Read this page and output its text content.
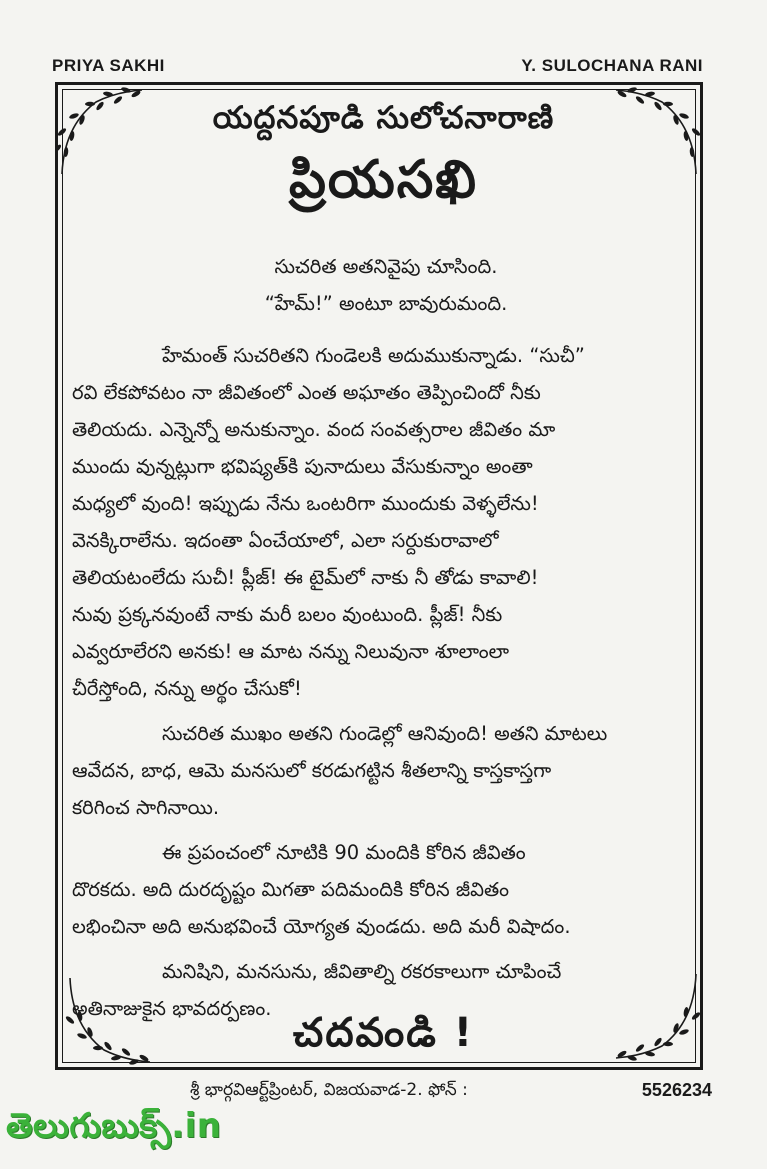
PRIYA SAKHI	Y. SULOCHANA RANI
యద్దనపూడి సులోచనారాణి
ప్రియసఖి
సుచరిత అతనివైపు చూసింది.
“హేమ్!” అంటూ బావురుమంది.
హేమంత్ సుచరితని గుండెలకి అదుముకున్నాడు. “సుచీ”
రవి లేకపోవటం నా జీవితంలో ఎంత అఘాతం తెప్పించిందో నీకు
తెలియదు. ఎన్నెన్నో అనుకున్నాం. వంద సంవత్సరాల జీవితం మా
ముందు వున్నట్లుగా భవిష్యత్‌కి పునాదులు వేసుకున్నాం అంతా
మధ్యలో వుంది! ఇప్పుడు నేను ఒంటరిగా ముందుకు వెళ్ళలేను!
వెనక్కిరాలేను. ఇదంతా ఏంచేయాలో, ఎలా సర్దుకురావాలో
తెలియటంలేదు సుచీ! ప్లీజ్! ఈ టైమ్‌లో నాకు నీ తోడు కావాలి!
నువు ప్రక్కనవుంటే నాకు మరీ బలం వుంటుంది. ప్లీజ్! నీకు
ఎవ్వరూలేరని అనకు! ఆ మాట నన్ను నిలువునా శూలాంలా
చీరేస్తోంది, నన్ను అర్థం చేసుకో!
సుచరిత ముఖం అతని గుండెల్లో ఆనివుంది! అతని మాటలు
ఆవేదన, బాధ, ఆమె మనసులో కరడుగట్టిన శీతలాన్ని కాస్తకాస్తగా
కరిగించ సాగినాయి.
ఈ ప్రపంచంలో నూటికి 90 మందికి కోరిన జీవితం
దొరకదు. అది దురదృష్టం మిగతా పదిమందికి కోరిన జీవితం
లభించినా అది అనుభవించే యోగ్యత వుండదు. అది మరీ విషాదం.
మనిషిని, మనసును, జీవితాల్ని రకరకాలుగా చూపించే
అతినాజుకైన భావదర్పణం.
చదవండి !
శ్రీ భార్గవిఆర్ట్‌ప్రింటర్, విజయవాడ-2. ఫోన్ :	5526234
తెలుగుబుక్స్.in
